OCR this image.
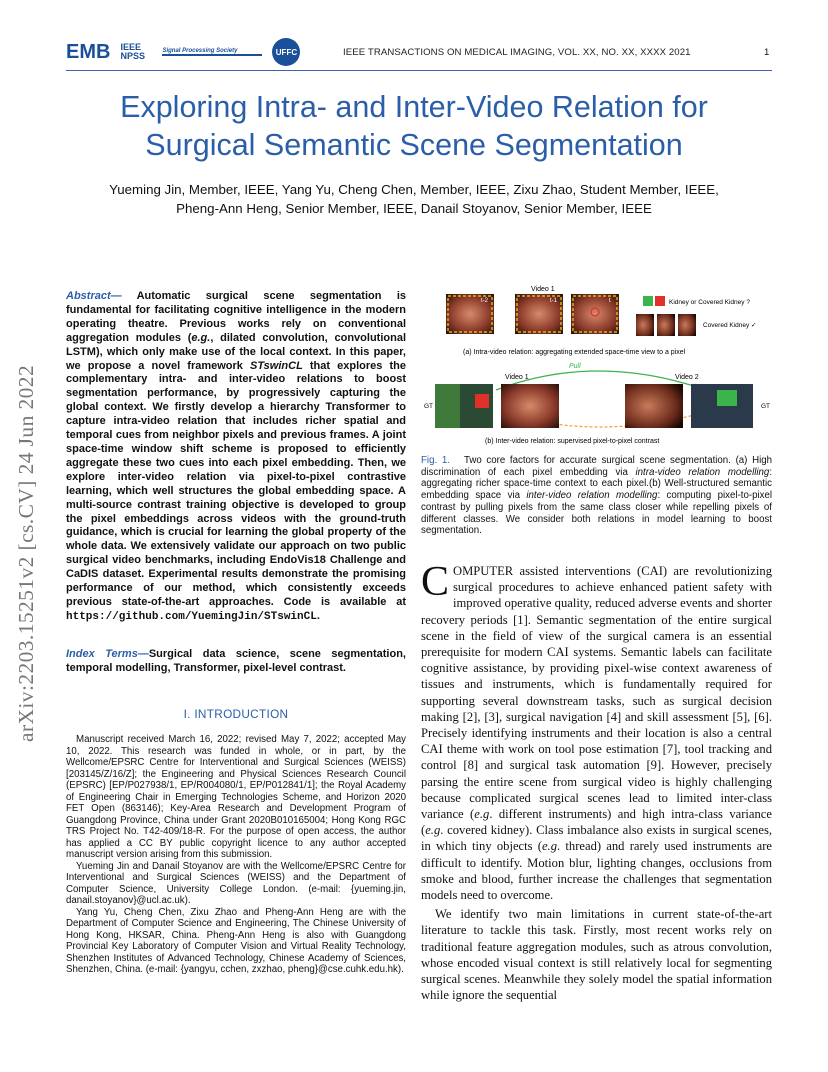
EMB IEEE NPSS	Signal Processing Society	UFFC	IEEE TRANSACTIONS ON MEDICAL IMAGING, VOL. XX, NO. XX, XXXX 2021	1
Exploring Intra- and Inter-Video Relation for
Surgical Semantic Scene Segmentation
Yueming Jin, Member, IEEE, Yang Yu, Cheng Chen, Member, IEEE, Zixu Zhao, Student Member, IEEE,
Pheng-Ann Heng, Senior Member, IEEE, Danail Stoyanov, Senior Member, IEEE
arXiv:2203.15251v2 [cs.CV] 24 Jun 2022
Abstract— Automatic surgical scene segmentation is fundamental for facilitating cognitive intelligence in the modern operating theatre. Previous works rely on conventional aggregation modules (e.g., dilated convolution, convolutional LSTM), which only make use of the local context. In this paper, we propose a novel framework STswinCL that explores the complementary intra- and inter-video relations to boost segmentation performance, by progressively capturing the global context. We firstly develop a hierarchy Transformer to capture intra-video relation that includes richer spatial and temporal cues from neighbor pixels and previous frames. A joint space-time window shift scheme is proposed to efficiently aggregate these two cues into each pixel embedding. Then, we explore inter-video relation via pixel-to-pixel contrastive learning, which well structures the global embedding space. A multi-source contrast training objective is developed to group the pixel embeddings across videos with the ground-truth guidance, which is crucial for learning the global property of the whole data. We extensively validate our approach on two public surgical video benchmarks, including EndoVis18 Challenge and CaDIS dataset. Experimental results demonstrate the promising performance of our method, which consistently exceeds previous state-of-the-art approaches. Code is available at https://github.com/YuemingJin/STswinCL.
Index Terms—Surgical data science, scene segmentation, temporal modelling, Transformer, pixel-level contrast.
I. INTRODUCTION

Manuscript received March 16, 2022; revised May 7, 2022; accepted May 10, 2022. This research was funded in whole, or in part, by the Wellcome/EPSRC Centre for Interventional and Surgical Sciences (WEISS) [203145/Z/16/Z]; the Engineering and Physical Sciences Research Council (EPSRC) [EP/P027938/1, EP/R004080/1, EP/P012841/1]; the Royal Academy of Engineering Chair in Emerging Technologies Scheme, and Horizon 2020 FET Open (863146); Key-Area Research and Development Program of Guangdong Province, China under Grant 2020B010165004; Hong Kong RGC TRS Project No. T42-409/18-R. For the purpose of open access, the author has applied a CC BY public copyright licence to any author accepted manuscript version arising from this submission.

Yueming Jin and Danail Stoyanov are with the Wellcome/EPSRC Centre for Interventional and Surgical Sciences (WEISS) and the Department of Computer Science, University College London. (e-mail: {yueming.jin, danail.stoyanov}@ucl.ac.uk).

Yang Yu, Cheng Chen, Zixu Zhao and Pheng-Ann Heng are with the Department of Computer Science and Engineering, The Chinese University of Hong Kong, HKSAR, China. Pheng-Ann Heng is also with Guangdong Provincial Key Laboratory of Computer Vision and Virtual Reality Technology, Shenzhen Institutes of Advanced Technology, Chinese Academy of Sciences, Shenzhen, China. (e-mail: {yangyu, cchen, zxzhao, pheng}@cse.cuhk.edu.hk).

Video 1
t-2	t-1	t	Kidney or Covered Kidney ?
Covered Kidney ✓
(a) Intra-video relation: aggregating extended space-time view to a pixel
Video 1	Video 2
Pull
GT	GT
(b) Inter-video relation: supervised pixel-to-pixel contrast
Fig. 1. Two core factors for accurate surgical scene segmentation. (a) High discrimination of each pixel embedding via intra-video relation modelling: aggregating richer space-time context to each pixel.(b) Well-structured semantic embedding space via inter-video relation modelling: computing pixel-to-pixel contrast by pulling pixels from the same class closer while repelling pixels of different classes. We consider both relations in model learning to boost segmentation.

COMPUTER assisted interventions (CAI) are revolutionizing surgical procedures to achieve enhanced patient safety with improved operative quality, reduced adverse events and shorter recovery periods [1]. Semantic segmentation of the entire surgical scene in the field of view of the surgical camera is an essential prerequisite for modern CAI systems. Semantic labels can facilitate cognitive assistance, by providing pixel-wise context awareness of tissues and instruments, which is fundamentally required for supporting several downstream tasks, such as surgical decision making [2], [3], surgical navigation [4] and skill assessment [5], [6]. Precisely identifying instruments and their location is also a central CAI theme with work on tool pose estimation [7], tool tracking and control [8] and surgical task automation [9]. However, precisely parsing the entire scene from surgical video is highly challenging because complicated surgical scenes lead to limited inter-class variance (e.g. different instruments) and high intra-class variance (e.g. covered kidney). Class imbalance also exists in surgical scenes, in which tiny objects (e.g. thread) and rarely used instruments are difficult to identify. Motion blur, lighting changes, occlusions from smoke and blood, further increase the challenges that segmentation models need to overcome.

We identify two main limitations in current state-of-the-art literature to tackle this task. Firstly, most recent works rely on traditional feature aggregation modules, such as atrous convolution, whose encoded visual context is still relatively local for segmenting surgical scenes. Meanwhile they solely model the spatial information while ignore the sequential
